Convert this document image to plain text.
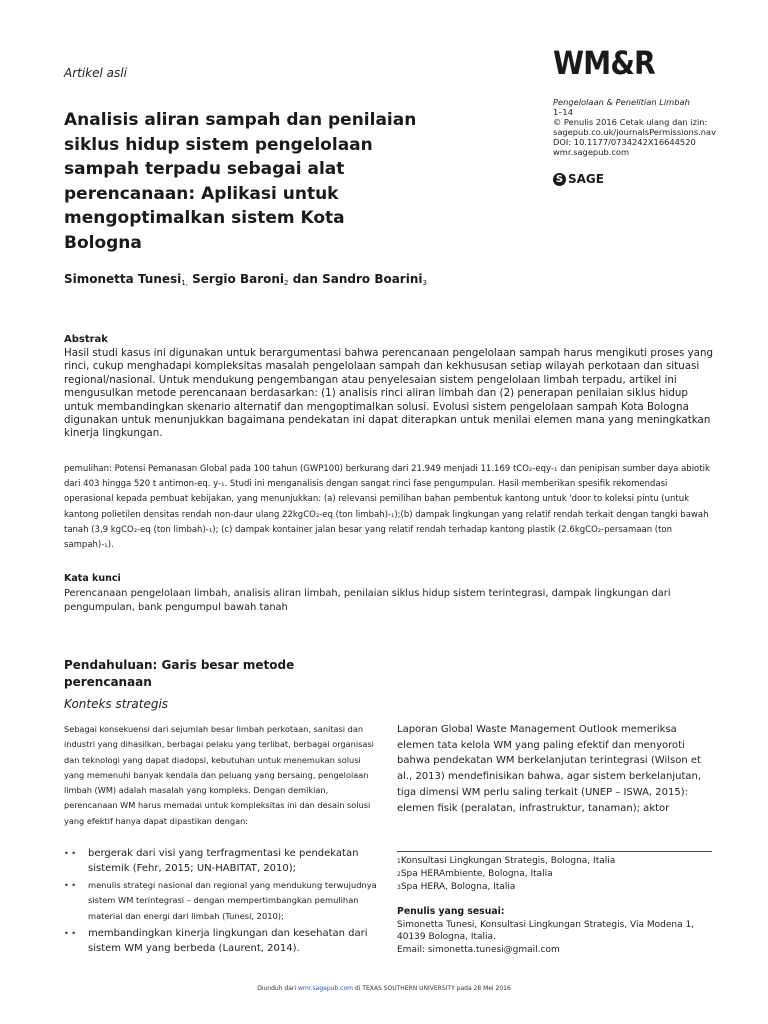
Artikel asli	WM&R
Analisis aliran sampah dan penilaian siklus hidup sistem pengelolaan sampah terpadu sebagai alat perencanaan: Aplikasi untuk mengoptimalkan sistem Kota Bologna
Pengelolaan & Penelitian Limbah
1–14
© Penulis 2016 Cetak ulang dan izin:
sagepub.co.uk/journalsPermissions.nav
DOI: 10.1177/0734242X16644520
wmr.sagepub.com
S SAGE
Simonetta Tunesi$_{1,}$ Sergio Baroni$_2$ dan Sandro Boarini$_3$
Abstrak
Hasil studi kasus ini digunakan untuk berargumentasi bahwa perencanaan pengelolaan sampah harus mengikuti proses yang rinci, cukup menghadapi kompleksitas masalah pengelolaan sampah dan kekhususan setiap wilayah perkotaan dan situasi regional/nasional. Untuk mendukung pengembangan atau penyelesaian sistem pengelolaan limbah terpadu, artikel ini mengusulkan metode perencanaan berdasarkan: (1) analisis rinci aliran limbah dan (2) penerapan penilaian siklus hidup untuk membandingkan skenario alternatif dan mengoptimalkan solusi. Evolusi sistem pengelolaan sampah Kota Bologna digunakan untuk menunjukkan bagaimana pendekatan ini dapat diterapkan untuk menilai elemen mana yang meningkatkan kinerja lingkungan.
pemulihan: Potensi Pemanasan Global pada 100 tahun (GWP100) berkurang dari 21.949 menjadi 11.169 tCO₂-eqy-₁ dan penipisan sumber daya abiotik dari 403 hingga 520 t antimon-eq. y-₁. Studi ini menganalisis dengan sangat rinci fase pengumpulan. Hasil memberikan spesifik rekomendasi operasional kepada pembuat kebijakan, yang menunjukkan: (a) relevansi pemilihan bahan pembentuk kantong untuk 'door to koleksi pintu (untuk kantong polietilen densitas rendah non-daur ulang 22kgCO₂-eq (ton limbah)-₁);(b) dampak lingkungan yang relatif rendah terkait dengan tangki bawah tanah (3,9 kgCO₂-eq (ton limbah)-₁); (c) dampak kontainer jalan besar yang relatif rendah terhadap kantong plastik (2.6kgCO₂-persamaan (ton sampah)-₁).
Kata kunci
Perencanaan pengelolaan limbah, analisis aliran limbah, penilaian siklus hidup sistem terintegrasi, dampak lingkungan dari pengumpulan, bank pengumpul bawah tanah
Pendahuluan: Garis besar metode perencanaan
Konteks strategis
Sebagai konsekuensi dari sejumlah besar limbah perkotaan, sanitasi dan industri yang dihasilkan, berbagai pelaku yang terlibat, berbagai organisasi dan teknologi yang dapat diadopsi, kebutuhan untuk menemukan solusi yang memenuhi banyak kendala dan peluang yang bersaing, pengelolaan limbah (WM) adalah masalah yang kompleks. Dengan demikian, perencanaan WM harus memadai untuk kompleksitas ini dan desain solusi yang efektif hanya dapat dipastikan dengan:
• •	bergerak dari visi yang terfragmentasi ke pendekatan sistemik (Fehr, 2015; UN-HABITAT, 2010);
• •	menulis strategi nasional dan regional yang mendukung terwujudnya sistem WM terintegrasi – dengan mempertimbangkan pemulihan material dan energi dari limbah (Tunesi, 2010);
• •	membandingkan kinerja lingkungan dan kesehatan dari sistem WM yang berbeda (Laurent, 2014).
Laporan Global Waste Management Outlook memeriksa elemen tata kelola WM yang paling efektif dan menyoroti bahwa pendekatan WM berkelanjutan terintegrasi (Wilson et al., 2013) mendefinisikan bahwa, agar sistem berkelanjutan, tiga dimensi WM perlu saling terkait (UNEP – ISWA, 2015): elemen fisik (peralatan, infrastruktur, tanaman); aktor
1Konsultasi Lingkungan Strategis, Bologna, Italia
2Spa HERAmbiente, Bologna, Italia
3Spa HERA, Bologna, Italia
Penulis yang sesuai:
Simonetta Tunesi, Konsultasi Lingkungan Strategis, Via Modena 1,
40139 Bologna, Italia.
Email: simonetta.tunesi@gmail.com
Diunduh dari wmr.sagepub.com di TEXAS SOUTHERN UNIVERSITY pada 28 Mei 2016
